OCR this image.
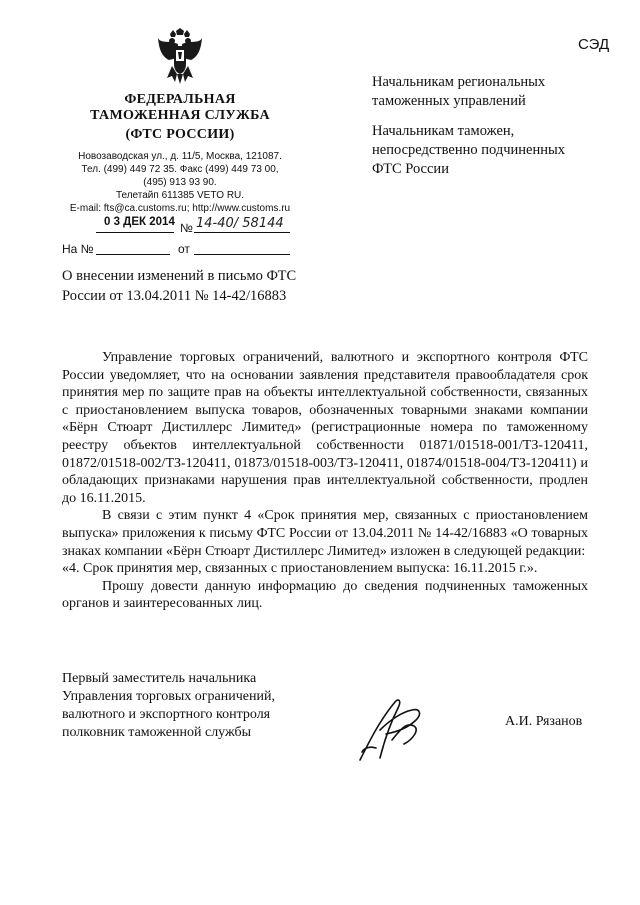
СЭД
ФЕДЕРАЛЬНАЯ
ТАМОЖЕННАЯ СЛУЖБА
(ФТС РОССИИ)
Новозаводская ул., д. 11/5, Москва, 121087.
Тел. (499) 449 72 35. Факс (499) 449 73 00,
(495) 913 93 90.
Телетайп 611385 VETO RU.
E-mail: fts@ca.customs.ru; http://www.customs.ru
0 3 ДЕК 2014 № 14-40/ 58144
На №	от
Начальникам региональных
таможенных управлений
Начальникам таможен,
непосредственно подчиненных
ФТС России
О внесении изменений в письмо ФТС
России от 13.04.2011 № 14-42/16883

Управление торговых ограничений, валютного и экспортного контроля ФТС России уведомляет, что на основании заявления представителя правообладателя срок принятия мер по защите прав на объекты интеллектуальной собственности, связанных с приостановлением выпуска товаров, обозначенных товарными знаками компании «Бёрн Стюарт Дистиллерс Лимитед» (регистрационные номера по таможенному реестру объектов интеллектуальной собственности 01871/01518-001/ТЗ-120411, 01872/01518-002/ТЗ-120411, 01873/01518-003/ТЗ-120411, 01874/01518-004/ТЗ-120411) и обладающих признаками нарушения прав интеллектуальной собственности, продлен до 16.11.2015.

В связи с этим пункт 4 «Срок принятия мер, связанных с приостановлением выпуска» приложения к письму ФТС России от 13.04.2011 № 14-42/16883 «О товарных знаках компании «Бёрн Стюарт Дистиллерс Лимитед» изложен в следующей редакции:

«4. Срок принятия мер, связанных с приостановлением выпуска: 16.11.2015 г.».

Прошу довести данную информацию до сведения подчиненных таможенных органов и заинтересованных лиц.

Первый заместитель начальника
Управления торговых ограничений,
валютного и экспортного контроля
полковник таможенной службы
А.И. Рязанов
